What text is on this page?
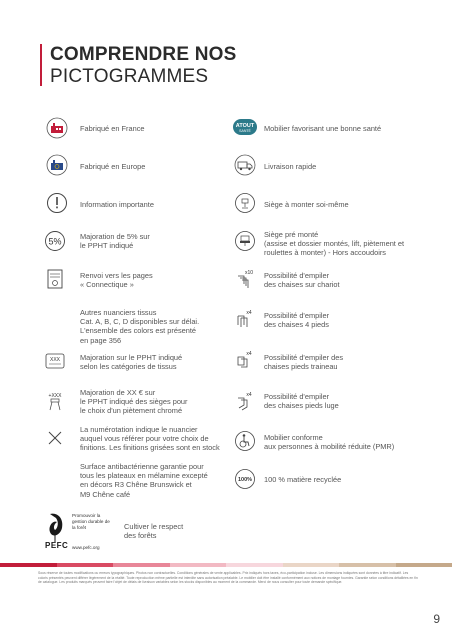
COMPRENDRE NOS
PICTOGRAMMES
Fabriqué en France
Fabriqué en Europe
Information importante
5% Majoration de 5% sur
le PPHT indiqué
Renvoi vers les pages
« Connectique »
Autres nuanciers tissus
Cat. A, B, C, D disponibles sur délai.
L'ensemble des colors est présenté
en page 356
XXX	Majoration sur le PPHT indiqué
selon les catégories de tissus
+XXX	Majoration de XX € sur
le PPHT indiqué des sièges pour
le choix d'un piètement chromé
La numérotation indique le nuancier
auquel vous référer pour votre choix de
finitions. Les finitions grisées sont en stock
Surface antibactérienne garantie pour
tous les plateaux en mélamine excepté
en décors R3 Chêne Brunswick et
M9 Chêne café
ATOUT
SANTÉ Mobilier favorisant une bonne santé
Livraison rapide
Siège à monter soi-même
Siège pré monté
(assise et dossier montés, lift, piètement et
roulettes à monter) - Hors accoudoirs
x10 Possibilité d'empiler
des chaises sur chariot
x4 Possibilité d'empiler
des chaises 4 pieds
x4 Possibilité d'empiler des
chaises pieds traineau
x4 Possibilité d'empiler
des chaises pieds luge
Mobilier conforme
aux personnes à mobilité réduite (PMR)
100% 100 % matière recyclée
PEFC
Promouvoir la
gestion durable de
la forêt
www.pefc.org
Cultiver le respect
des forêts
Sous réserve de toutes modifications ou erreurs typographiques. Photos non contractuelles. Conditions générales de vente applicables. Prix indiqués hors taxes, éco-participation incluse. Les dimensions indiquées sont données à titre indicatif. Les coloris présentés peuvent différer légèrement de la réalité. Toute reproduction même partielle est interdite sans autorisation préalable. Le mobilier doit être installé conformément aux notices de montage fournies. Garantie selon conditions détaillées en fin de catalogue. Les produits marqués peuvent faire l'objet de délais de livraison variables selon les stocks disponibles au moment de la commande. Merci de nous consulter pour toute demande spécifique.
9
